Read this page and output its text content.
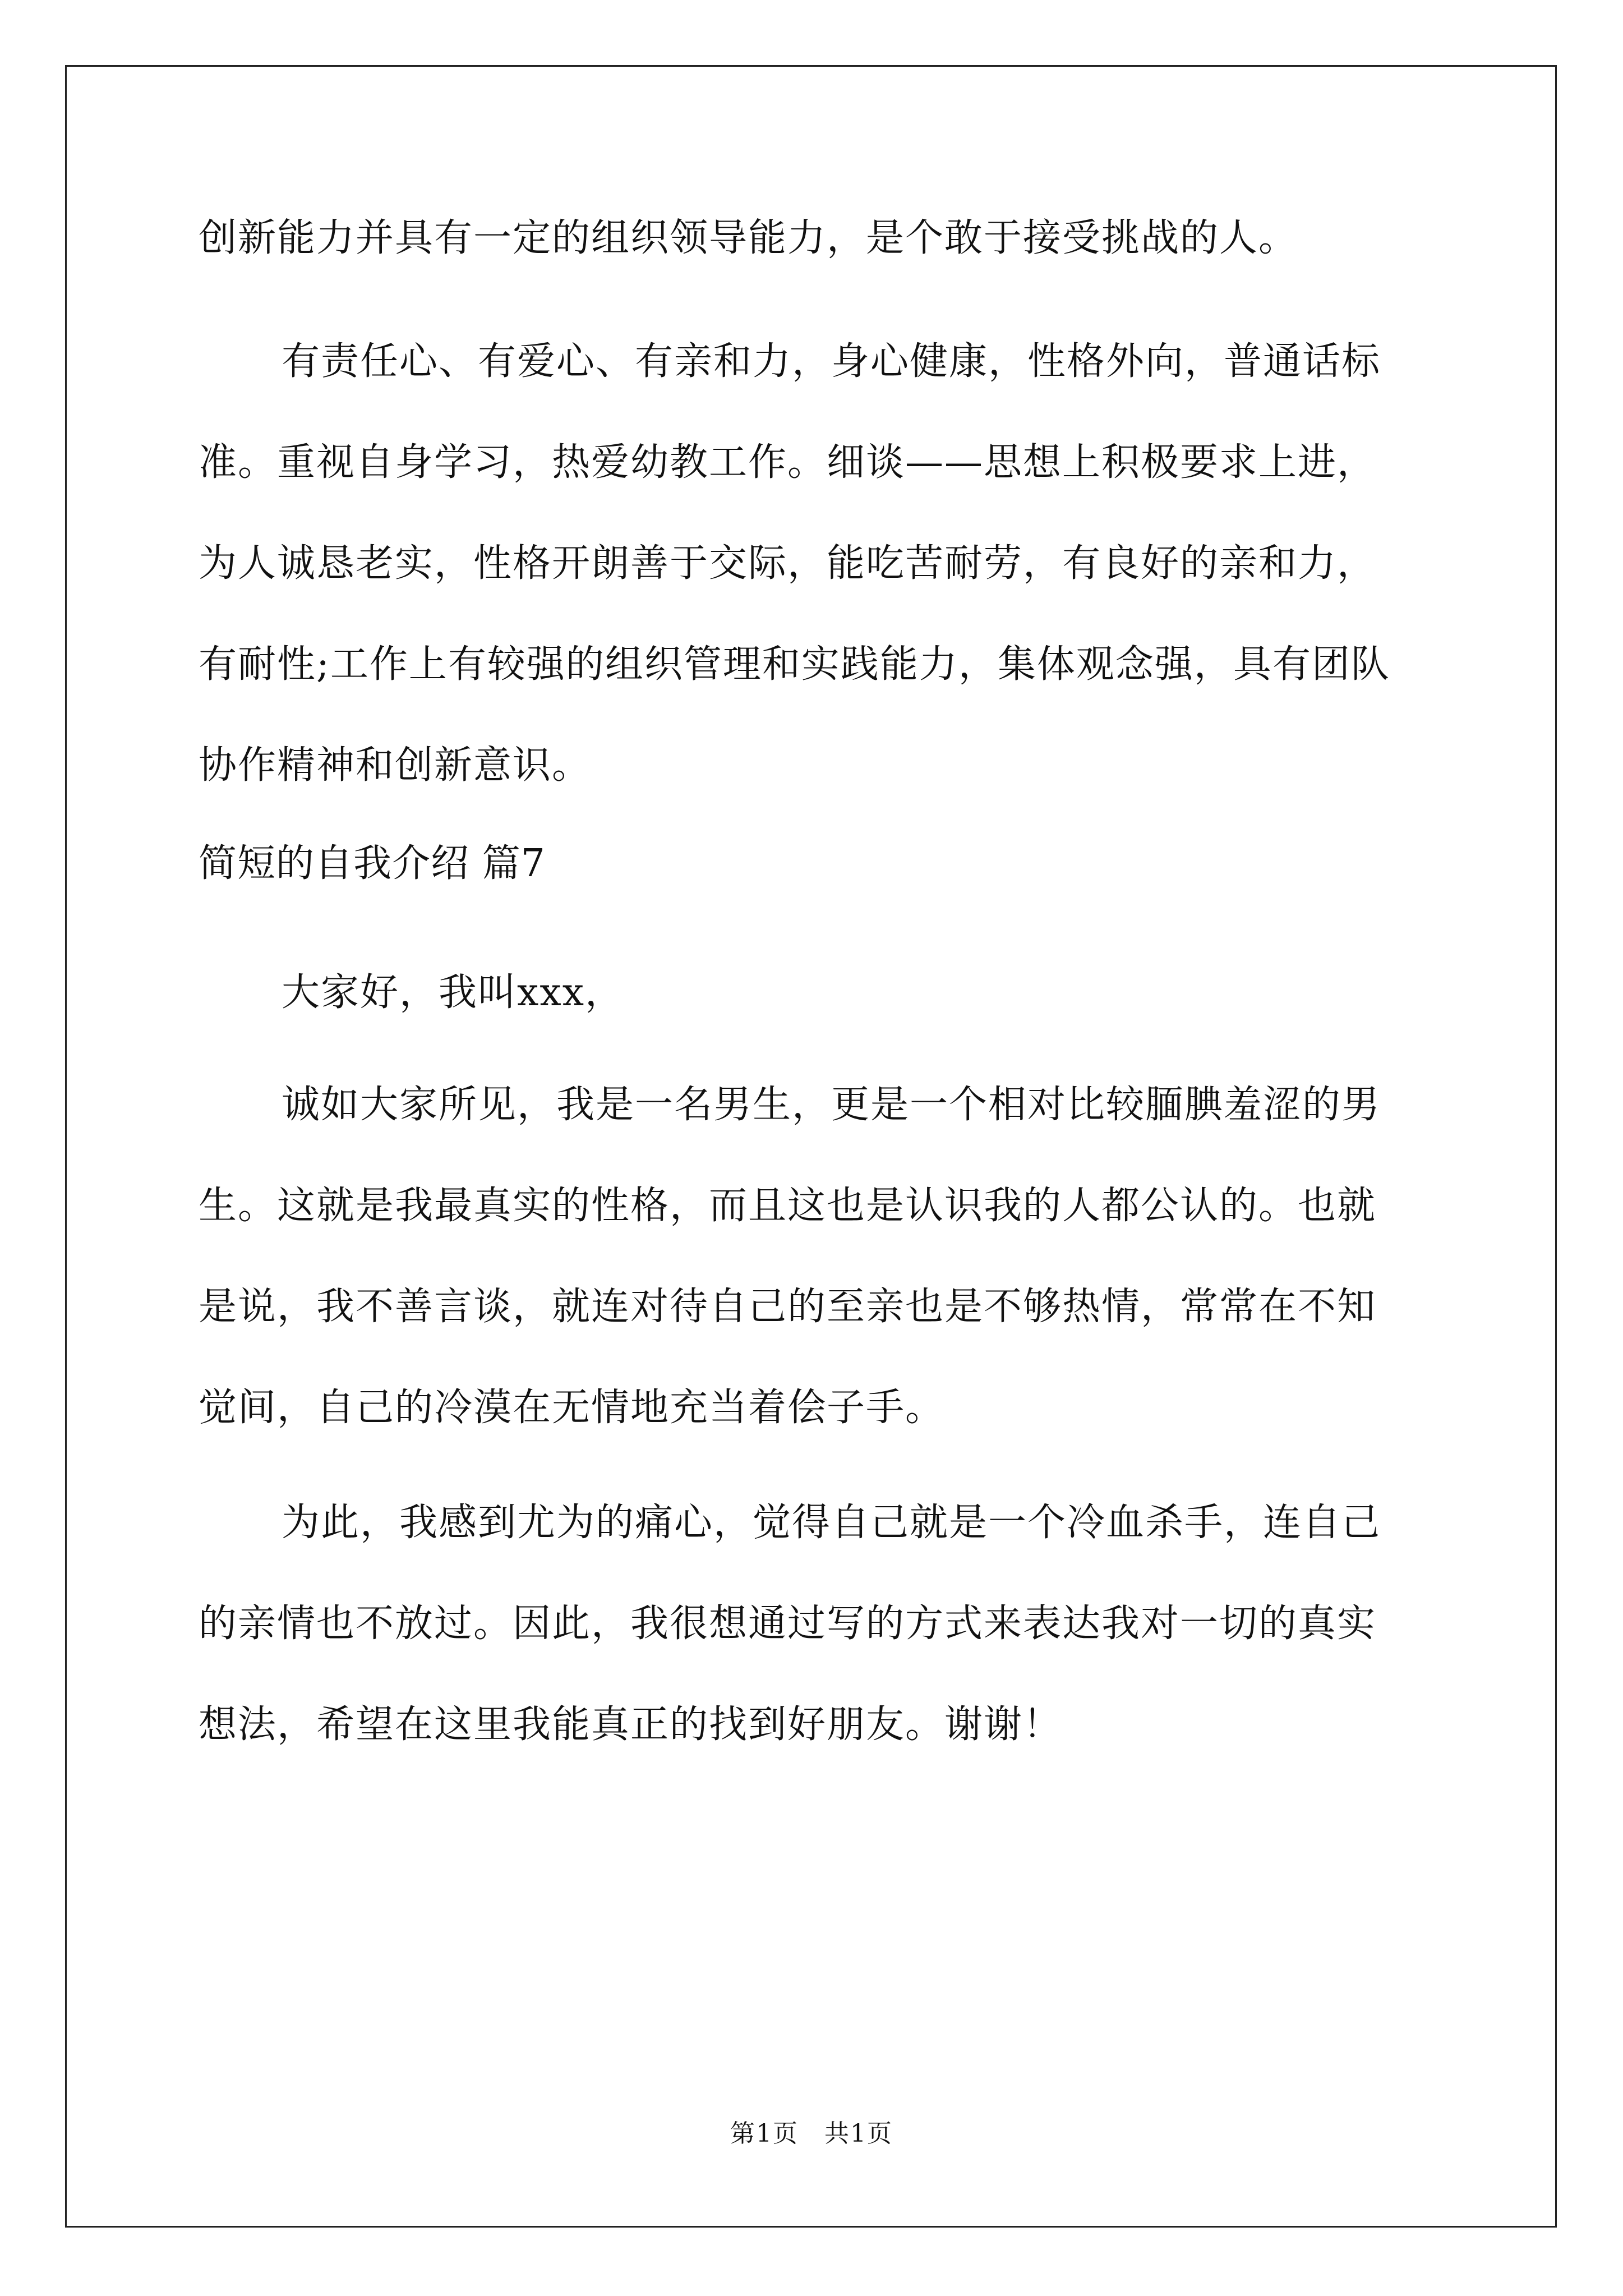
创新能力并具有一定的组织领导能力，是个敢于接受挑战的人。
有责任心、有爱心、有亲和力，身心健康，性格外向，普通话标
准。重视自身学习，热爱幼教工作。细谈——思想上积极要求上进，
为人诚恳老实，性格开朗善于交际，能吃苦耐劳，有良好的亲和力，
有耐性;工作上有较强的组织管理和实践能力，集体观念强，具有团队
协作精神和创新意识。
简短的自我介绍 篇7
大家好，我叫xxx，
诚如大家所见，我是一名男生，更是一个相对比较腼腆羞涩的男
生。这就是我最真实的性格，而且这也是认识我的人都公认的。也就
是说，我不善言谈，就连对待自己的至亲也是不够热情，常常在不知
觉间，自己的冷漠在无情地充当着侩子手。
为此，我感到尤为的痛心，觉得自己就是一个冷血杀手，连自己
的亲情也不放过。因此，我很想通过写的方式来表达我对一切的真实
想法，希望在这里我能真正的找到好朋友。谢谢！
第1页　共1页
